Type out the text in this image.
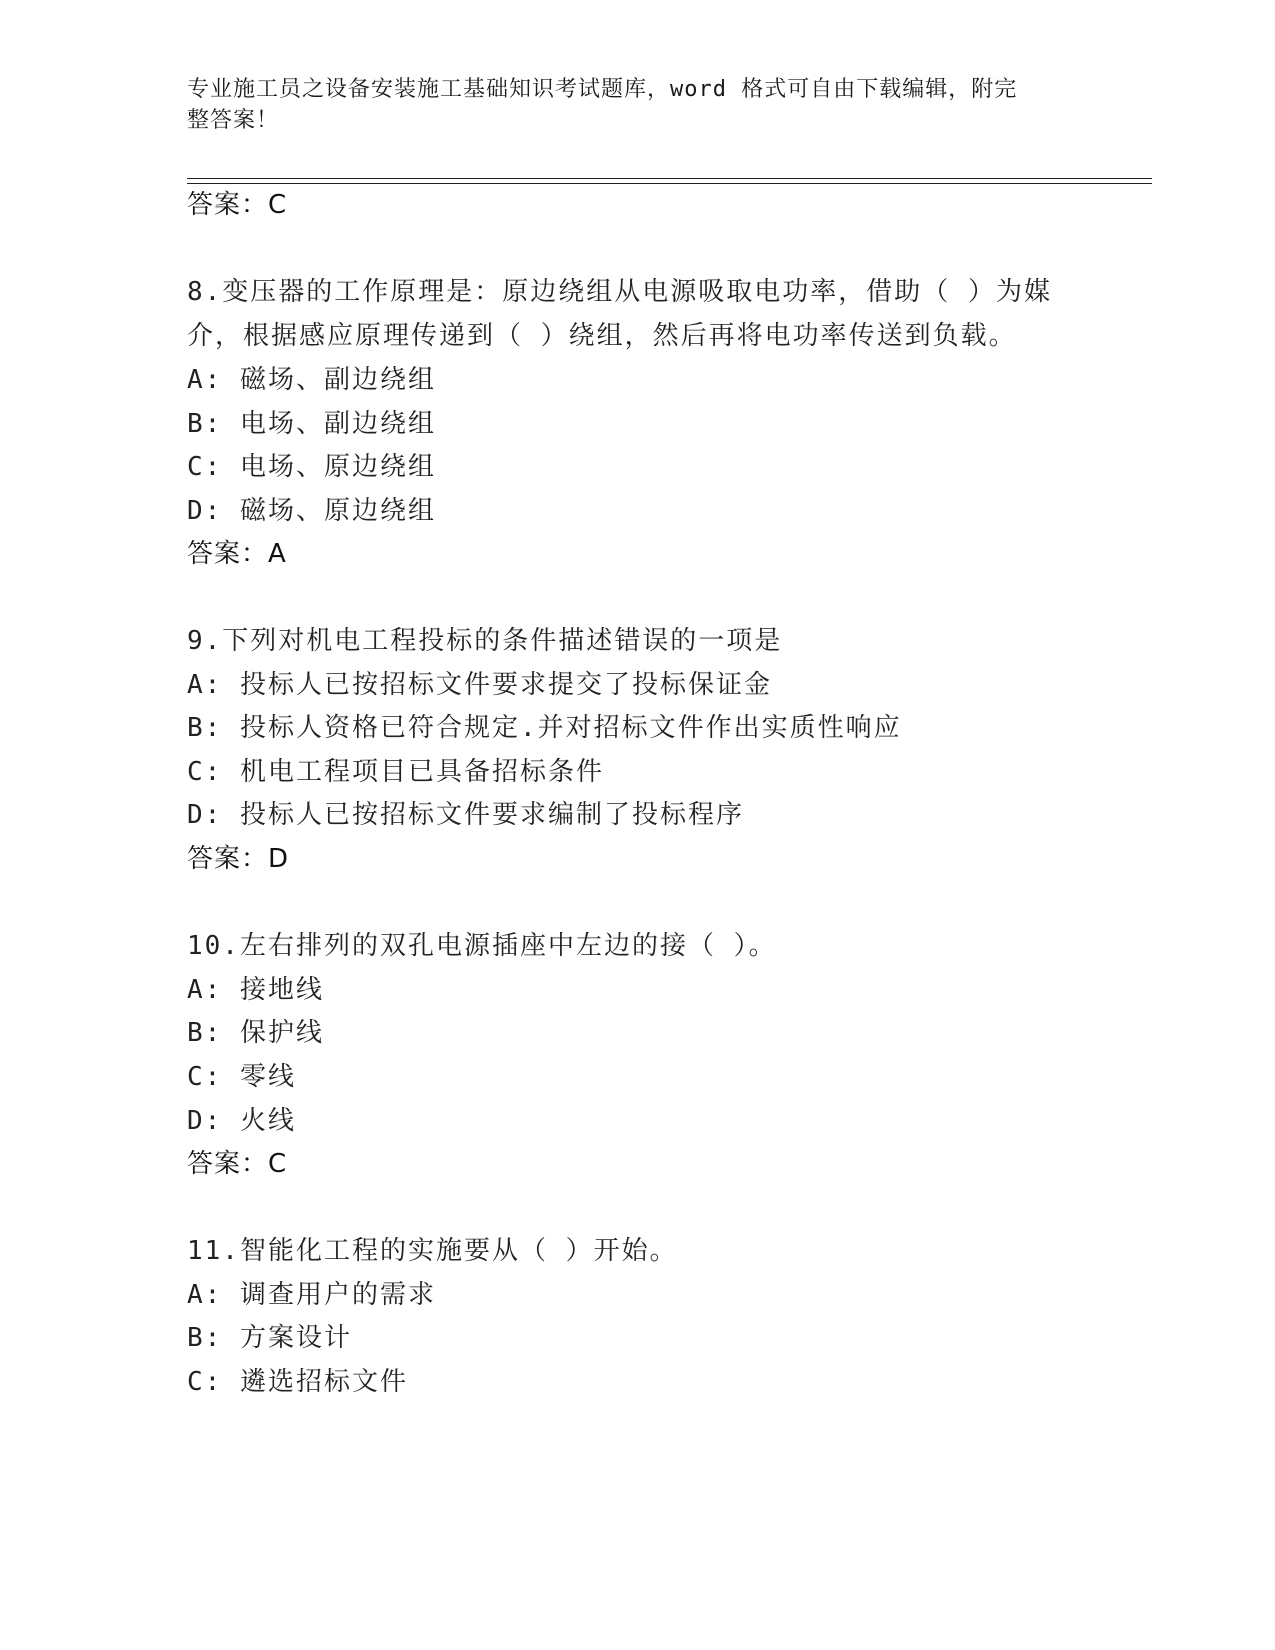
专业施工员之设备安装施工基础知识考试题库，word 格式可自由下载编辑，附完
整答案！
答案：C
8.变压器的工作原理是：原边绕组从电源吸取电功率，借助（ ）为媒
介，根据感应原理传递到（ ）绕组，然后再将电功率传送到负载。
A: 磁场、副边绕组
B: 电场、副边绕组
C: 电场、原边绕组
D: 磁场、原边绕组
答案：A
9.下列对机电工程投标的条件描述错误的一项是
A: 投标人已按招标文件要求提交了投标保证金
B: 投标人资格已符合规定.并对招标文件作出实质性响应
C: 机电工程项目已具备招标条件
D: 投标人已按招标文件要求编制了投标程序
答案：D
10.左右排列的双孔电源插座中左边的接（ ）。
A: 接地线
B: 保护线
C: 零线
D: 火线
答案：C
11.智能化工程的实施要从（ ）开始。
A: 调查用户的需求
B: 方案设计
C: 遴选招标文件
